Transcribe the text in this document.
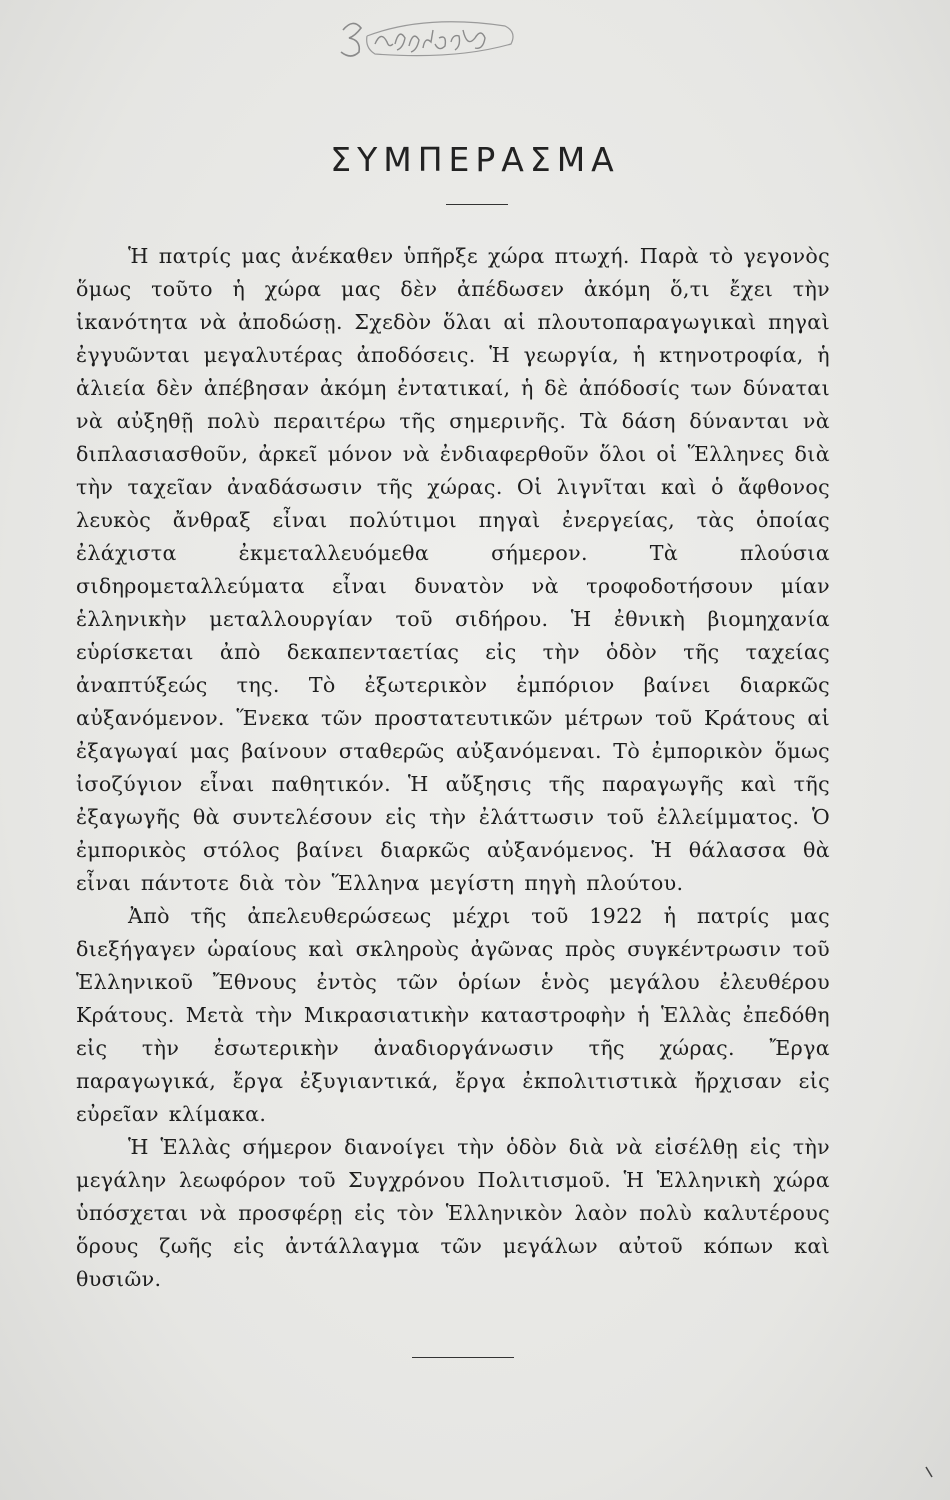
ΣΥΜΠΕΡΑΣΜΑ

Ἡ πατρίς μας ἀνέκαθεν ὑπῆρξε χώρα πτωχή. Παρὰ τὸ γεγονὸς ὅμως τοῦτο ἡ χώρα μας δὲν ἀπέδωσεν ἀκόμη ὅ,τι ἔχει τὴν ἱκανότητα νὰ ἀποδώσῃ. Σχεδὸν ὅλαι αἱ πλουτοπαραγωγικαὶ πηγαὶ ἐγγυῶνται μεγαλυτέρας ἀποδόσεις. Ἡ γεωργία, ἡ κτηνοτροφία, ἡ ἁλιεία δὲν ἀπέβησαν ἀκόμη ἐντατικαί, ἡ δὲ ἀπόδοσίς των δύναται νὰ αὐξηθῇ πολὺ περαιτέρω τῆς σημερινῆς. Τὰ δάση δύνανται νὰ διπλασιασθοῦν, ἀρκεῖ μόνον νὰ ἐνδιαφερθοῦν ὅλοι οἱ Ἕλληνες διὰ τὴν ταχεῖαν ἀναδάσωσιν τῆς χώρας. Οἱ λιγνῖται καὶ ὁ ἄφθονος λευκὸς ἄνθραξ εἶναι πολύτιμοι πηγαὶ ἐνεργείας, τὰς ὁποίας ἐλάχιστα ἐκμεταλλευόμεθα σήμερον. Τὰ πλούσια σιδηρομεταλλεύματα εἶναι δυνατὸν νὰ τροφοδοτήσουν μίαν ἑλληνικὴν μεταλλουργίαν τοῦ σιδήρου. Ἡ ἐθνικὴ βιομηχανία εὑρίσκεται ἀπὸ δεκαπενταετίας εἰς τὴν ὁδὸν τῆς ταχείας ἀναπτύξεώς της. Τὸ ἐξωτερικὸν ἐμπόριον βαίνει διαρκῶς αὐξανόμενον. Ἕνεκα τῶν προστατευτικῶν μέτρων τοῦ Κράτους αἱ ἐξαγωγαί μας βαίνουν σταθερῶς αὐξανόμεναι. Τὸ ἐμπορικὸν ὅμως ἰσοζύγιον εἶναι παθητικόν. Ἡ αὔξησις τῆς παραγωγῆς καὶ τῆς ἐξαγωγῆς θὰ συντελέσουν εἰς τὴν ἐλάττωσιν τοῦ ἐλλείμματος. Ὁ ἐμπορικὸς στόλος βαίνει διαρκῶς αὐξανόμενος. Ἡ θάλασσα θὰ εἶναι πάντοτε διὰ τὸν Ἕλληνα μεγίστη πηγὴ πλούτου.

Ἀπὸ τῆς ἀπελευθερώσεως μέχρι τοῦ 1922 ἡ πατρίς μας διεξήγαγεν ὡραίους καὶ σκληροὺς ἀγῶνας πρὸς συγκέντρωσιν τοῦ Ἑλληνικοῦ Ἔθνους ἐντὸς τῶν ὁρίων ἑνὸς μεγάλου ἐλευθέρου Κράτους. Μετὰ τὴν Μικρασιατικὴν καταστροφὴν ἡ Ἑλλὰς ἐπεδόθη εἰς τὴν ἐσωτερικὴν ἀναδιοργάνωσιν τῆς χώρας. Ἔργα παραγωγικά, ἔργα ἐξυγιαντικά, ἔργα ἐκπολιτιστικὰ ἤρχισαν εἰς εὐρεῖαν κλίμακα.

Ἡ Ἑλλὰς σήμερον διανοίγει τὴν ὁδὸν διὰ νὰ εἰσέλθῃ εἰς τὴν μεγάλην λεωφόρον τοῦ Συγχρόνου Πολιτισμοῦ. Ἡ Ἑλληνικὴ χώρα ὑπόσχεται νὰ προσφέρῃ εἰς τὸν Ἑλληνικὸν λαὸν πολὺ καλυτέρους ὅρους ζωῆς εἰς ἀντάλλαγμα τῶν μεγάλων αὐτοῦ κόπων καὶ θυσιῶν.
